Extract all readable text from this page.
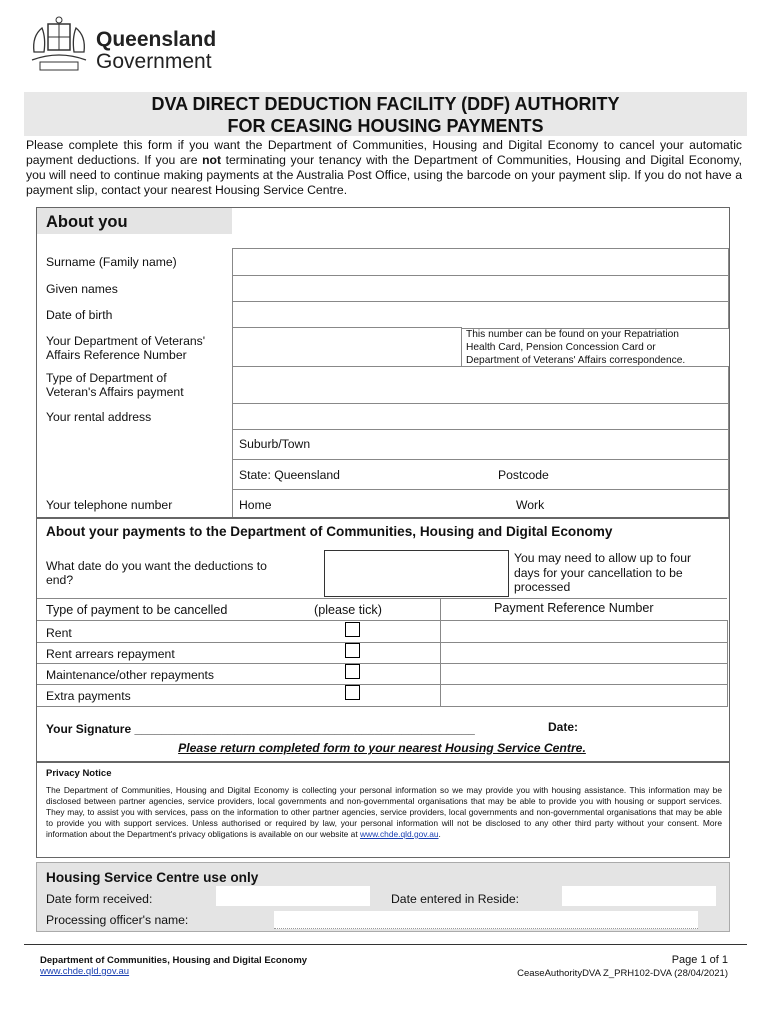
Queensland
Government
DVA DIRECT DEDUCTION FACILITY (DDF) AUTHORITY
FOR CEASING HOUSING PAYMENTS
Please complete this form if you want the Department of Communities, Housing and Digital Economy to cancel your automatic payment deductions. If you are not terminating your tenancy with the Department of Communities, Housing and Digital Economy, you will need to continue making payments at the Australia Post Office, using the barcode on your payment slip. If you do not have a payment slip, contact your nearest Housing Service Centre.
About you
Surname (Family name)
Given names
Date of birth
Your Department of Veterans'
Affairs Reference Number
This number can be found on your Repatriation
Health Card, Pension Concession Card or
Department of Veterans' Affairs correspondence.
Type of Department of
Veteran's Affairs payment
Your rental address
Suburb/Town
State: Queensland	Postcode
Your telephone number	Home	Work
About your payments to the Department of Communities, Housing and Digital Economy
What date do you want the deductions to
end?
You may need to allow up to four
days for your cancellation to be
processed
Type of payment to be cancelled	(please tick)	Payment Reference Number
Rent
Rent arrears repayment
Maintenance/other repayments
Extra payments
Your Signature ___________________________________________________	Date:
Please return completed form to your nearest Housing Service Centre.
Privacy Notice
The Department of Communities, Housing and Digital Economy is collecting your personal information so we may provide you with housing assistance. This information may be disclosed between partner agencies, service providers, local governments and non-governmental organisations that may be able to provide you with housing or support services. They may, to assist you with services, pass on the information to other partner agencies, service providers, local governments and non-governmental organisations that may be able to provide you with support services. Unless authorised or required by law, your personal information will not be disclosed to any other third party without your consent. More information about the Department's privacy obligations is available on our website at www.chde.qld.gov.au.
Housing Service Centre use only
Date form received:	Date entered in Reside:
Processing officer's name:
Department of Communities, Housing and Digital Economy
www.chde.qld.gov.au
Page 1 of 1
CeaseAuthorityDVA Z_PRH102-DVA (28/04/2021)
